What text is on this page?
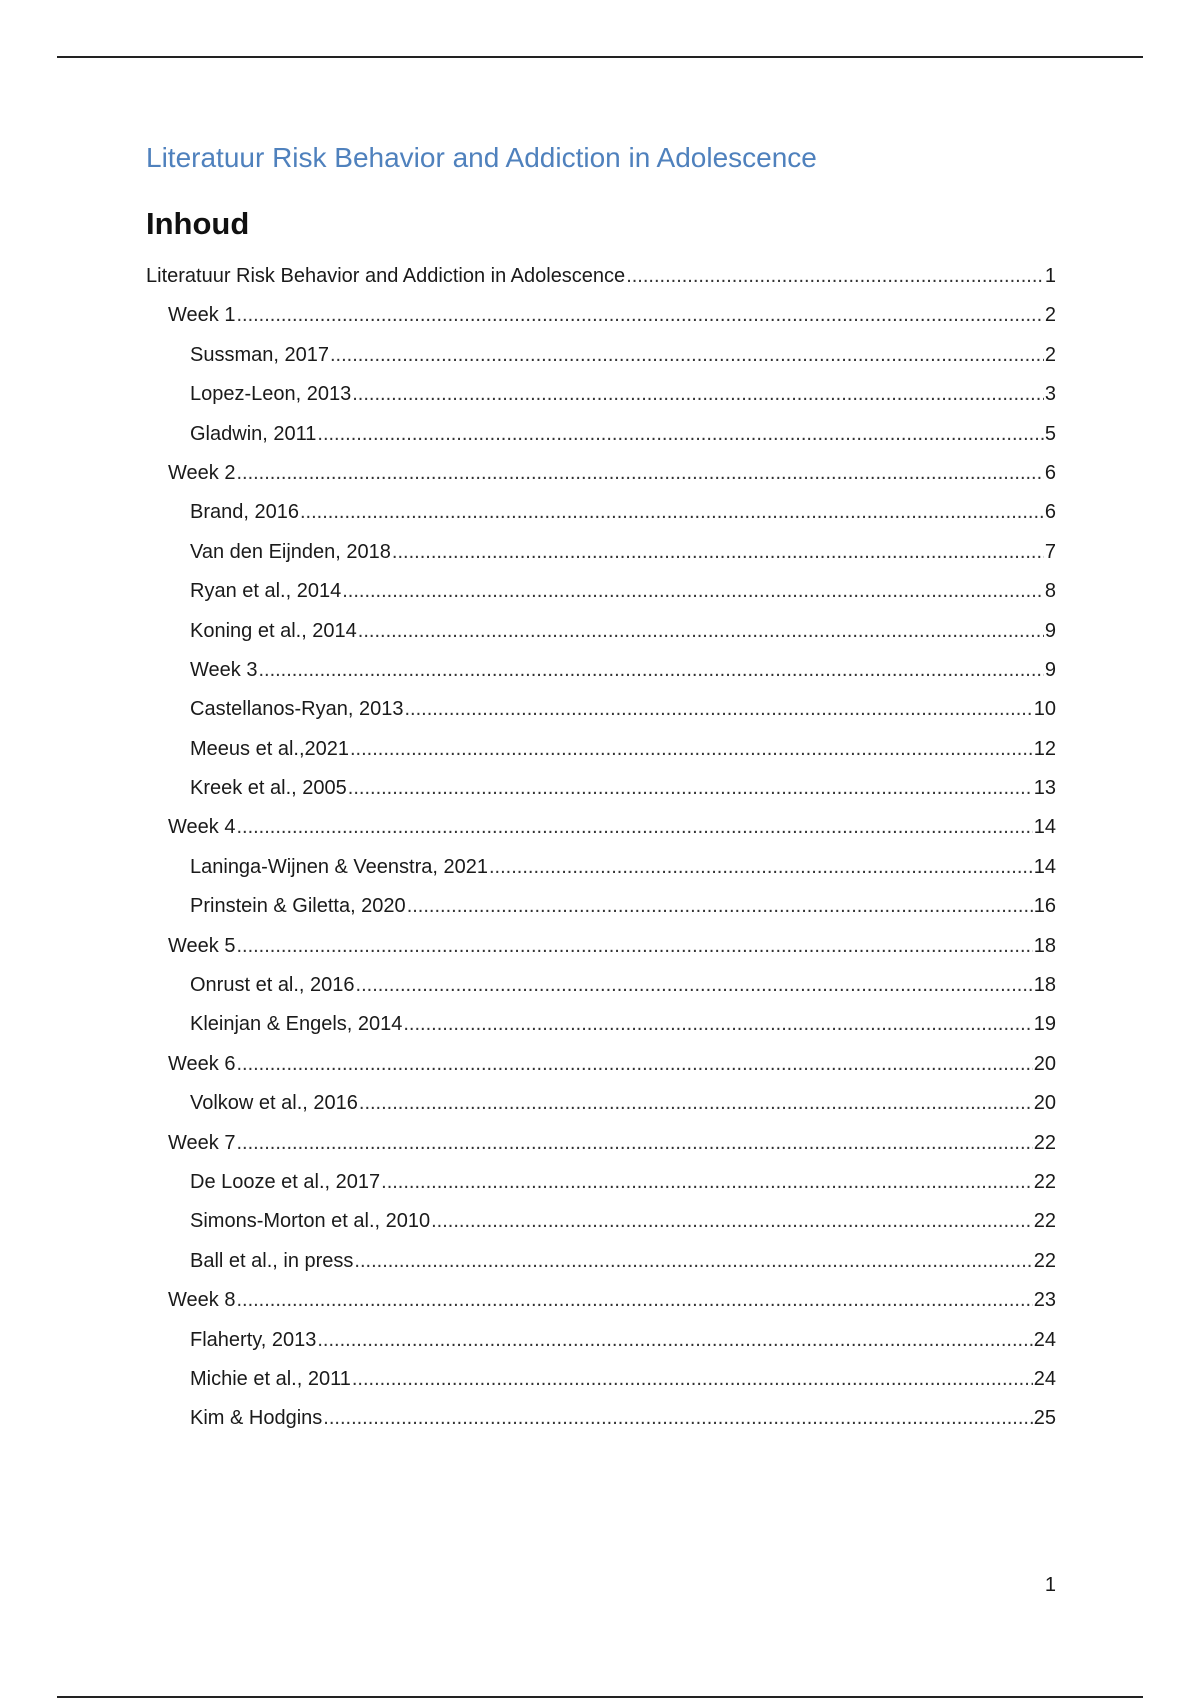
Literatuur Risk Behavior and Addiction in Adolescence
Inhoud
Literatuur Risk Behavior and Addiction in Adolescence .....	1
Week 1 .....	2
Sussman, 2017 .....	2
Lopez-Leon, 2013 .....	3
Gladwin, 2011 .....	5
Week 2 .....	6
Brand, 2016 .....	6
Van den Eijnden, 2018 .....	7
Ryan et al., 2014 .....	8
Koning et al., 2014 .....	9
Week 3 .....	9
Castellanos-Ryan, 2013 .....	10
Meeus et al.,2021 .....	12
Kreek et al., 2005 .....	13
Week 4 .....	14
Laninga-Wijnen & Veenstra, 2021 .....	14
Prinstein & Giletta, 2020 .....	16
Week 5 .....	18
Onrust et al., 2016 .....	18
Kleinjan & Engels, 2014 .....	19
Week 6 .....	20
Volkow et al., 2016 .....	20
Week 7 .....	22
De Looze et al., 2017 .....	22
Simons-Morton et al., 2010 .....	22
Ball et al., in press .....	22
Week 8 .....	23
Flaherty, 2013 .....	24
Michie et al., 2011 .....	24
Kim & Hodgins .....	25
1
